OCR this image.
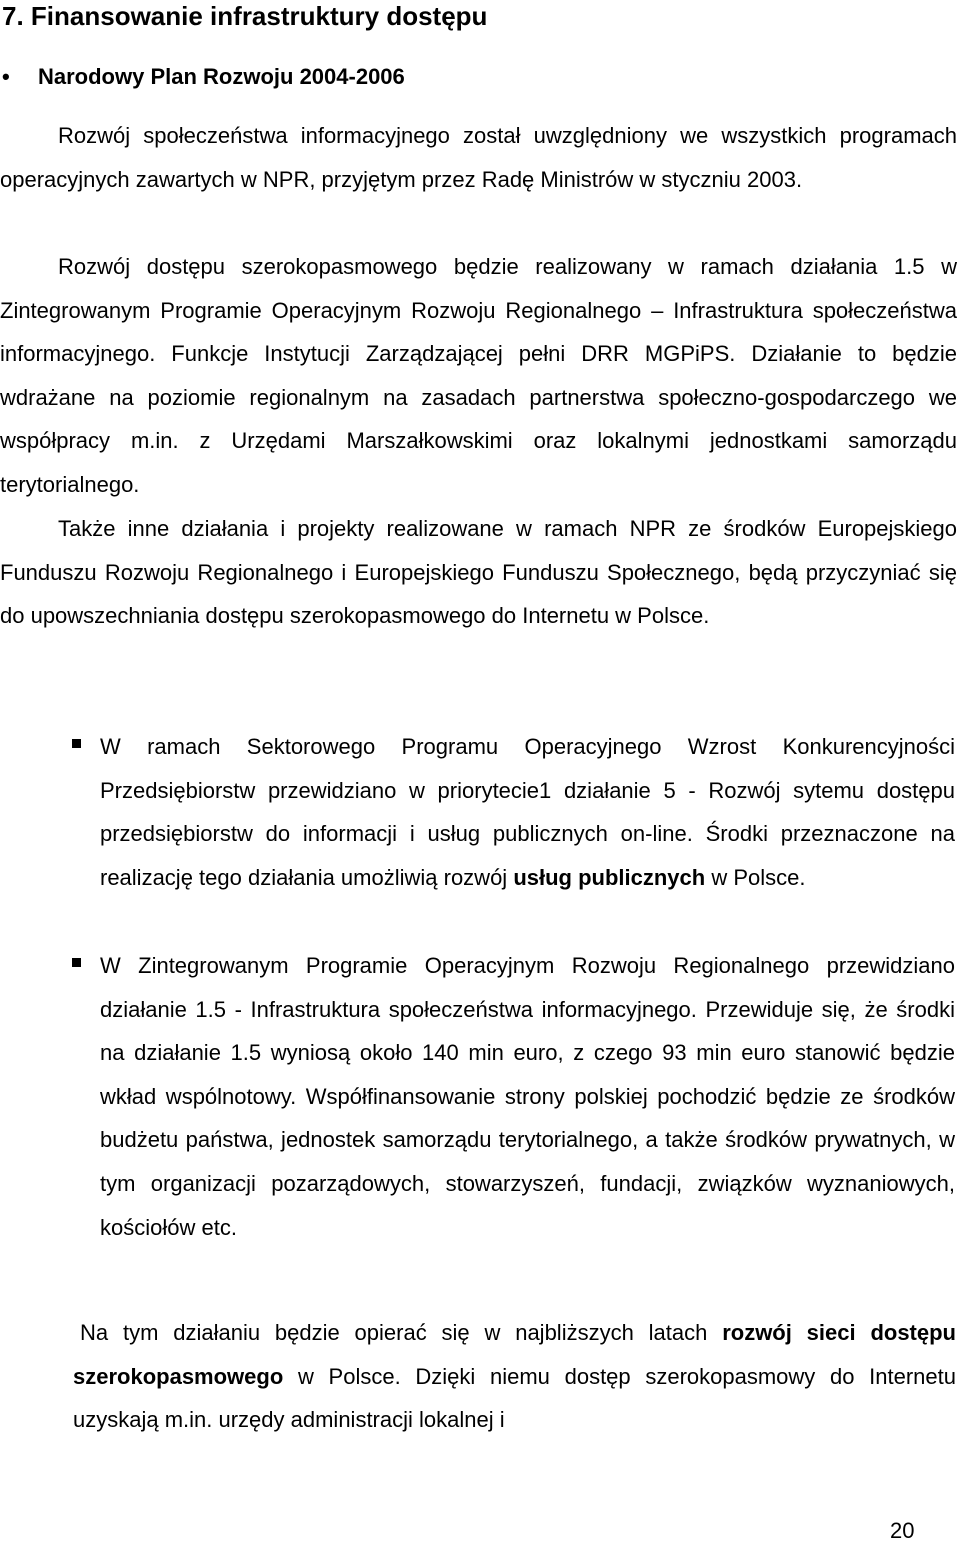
7. Finansowanie infrastruktury dostępu
• Narodowy Plan Rozwoju 2004-2006

Rozwój społeczeństwa informacyjnego został uwzględniony we wszystkich programach operacyjnych zawartych w NPR, przyjętym przez Radę Ministrów w styczniu 2003.

Rozwój dostępu szerokopasmowego będzie realizowany w ramach działania 1.5 w Zintegrowanym Programie Operacyjnym Rozwoju Regionalnego – Infrastruktura społeczeństwa informacyjnego. Funkcje Instytucji Zarządzającej pełni DRR MGPiPS. Działanie to będzie wdrażane na poziomie regionalnym na zasadach partnerstwa społeczno-gospodarczego we współpracy m.in. z Urzędami Marszałkowskimi oraz lokalnymi jednostkami samorządu terytorialnego.

Także inne działania i projekty realizowane w ramach NPR ze środków Europejskiego Funduszu Rozwoju Regionalnego i Europejskiego Funduszu Społecznego, będą przyczyniać się do upowszechniania dostępu szerokopasmowego do Internetu w Polsce.

W ramach Sektorowego Programu Operacyjnego Wzrost Konkurencyjności Przedsiębiorstw przewidziano w priorytecie1 działanie 5 - Rozwój sytemu dostępu przedsiębiorstw do informacji i usług publicznych on-line. Środki przeznaczone na realizację tego działania umożliwią rozwój usług publicznych w Polsce.

W Zintegrowanym Programie Operacyjnym Rozwoju Regionalnego przewidziano działanie 1.5 - Infrastruktura społeczeństwa informacyjnego. Przewiduje się, że środki na działanie 1.5 wyniosą około 140 min euro, z czego 93 min euro stanowić będzie wkład wspólnotowy. Współfinansowanie strony polskiej pochodzić będzie ze środków budżetu państwa, jednostek samorządu terytorialnego, a także środków prywatnych, w tym organizacji pozarządowych, stowarzyszeń, fundacji, związków wyznaniowych, kościołów etc.

Na tym działaniu będzie opierać się w najbliższych latach rozwój sieci dostępu szerokopasmowego w Polsce. Dzięki niemu dostęp szerokopasmowy do Internetu uzyskają m.in. urzędy administracji lokalnej i

20
